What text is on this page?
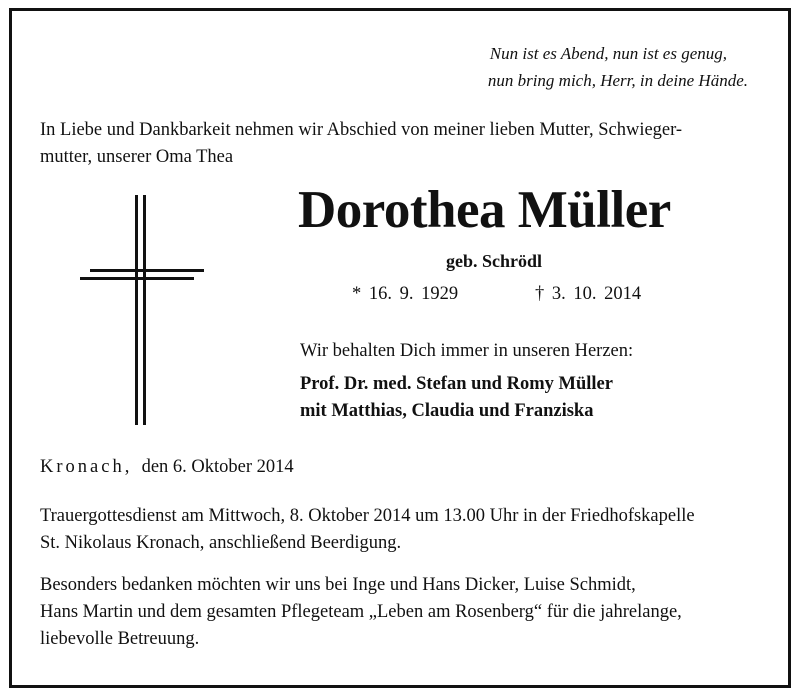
Nun ist es Abend, nun ist es genug,
nun bring mich, Herr, in deine Hände.
In Liebe und Dankbarkeit nehmen wir Abschied von meiner lieben Mutter, Schwieger-
mutter, unserer Oma Thea
Dorothea Müller
geb. Schrödl
* 16. 9. 1929	† 3. 10. 2014
Wir behalten Dich immer in unseren Herzen:
Prof. Dr. med. Stefan und Romy Müller
mit Matthias, Claudia und Franziska
Kronach, den 6. Oktober 2014
Trauergottesdienst am Mittwoch, 8. Oktober 2014 um 13.00 Uhr in der Friedhofskapelle
St. Nikolaus Kronach, anschließend Beerdigung.
Besonders bedanken möchten wir uns bei Inge und Hans Dicker, Luise Schmidt,
Hans Martin und dem gesamten Pflegeteam „Leben am Rosenberg“ für die jahrelange,
liebevolle Betreuung.
